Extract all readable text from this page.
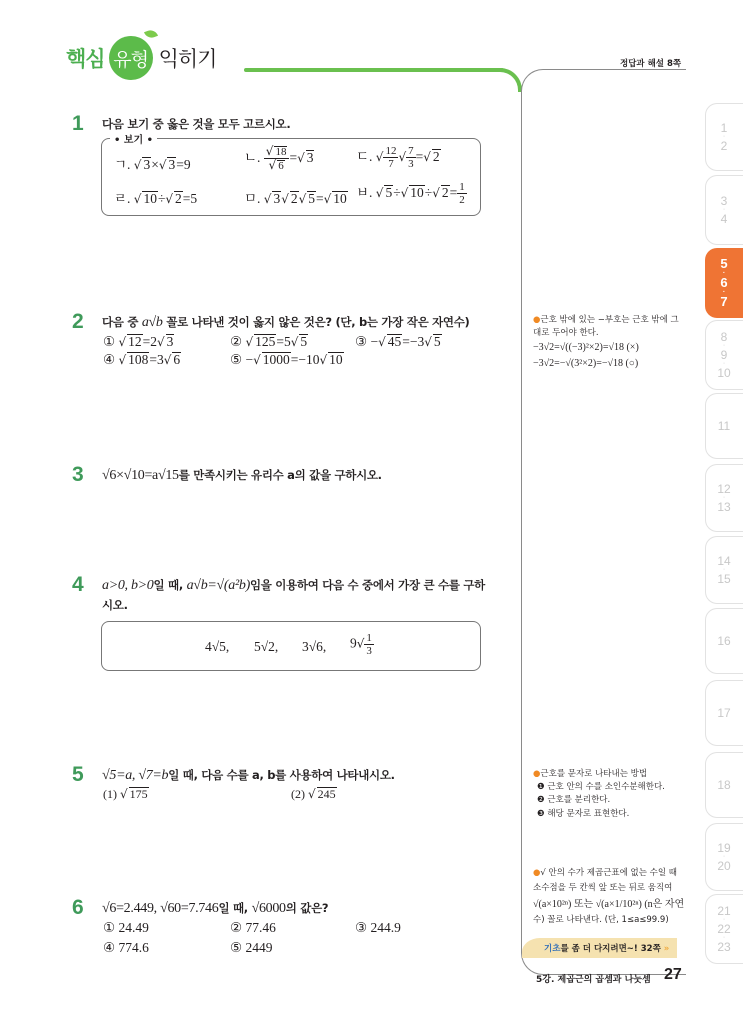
핵심 유형 익히기	정답과 해설 8쪽
1	다음 보기 중 옳은 것을 모두 고르시오.
• 보기 •
ㄱ. √ 3×√ 3=9	ㄴ. $\frac{√ 18}{√ 6}$ =√ 3	ㄷ. √ $\frac{12}{7}$ √ $\frac{7}{3}$ =√ 2
ㄹ. √ 10÷√ 2=5	ㅁ. √ 3√ 2√ 5=√ 10 ㅂ. √ 5÷√ 10÷√ $2= \frac{1}{2}$
2	다음 중 a√b 꼴로 나타낸 것이 옳지 않은 것은? (단, b는 가장 작은 자연수)
① √ 12=2√ 3	② √ 125=5√ 5	③ −√ 45=−3√ 5
④ √ 108=3√ 6	⑤ −√ 1000=−10√ 10
3	√6×√10=a√15를 만족시키는 유리수 a의 값을 구하시오.
4	a>0, b>0일 때, a√b=√(a²b)임을 이용하여 다음 수 중에서 가장 큰 수를 구하
시오.
4√5, 5√2, 3√6, $9√ \frac{1}{3}$
5	√5=a, √7=b일 때, 다음 수를 a, b를 사용하여 나타내시오.
(1) √ 175	(2) √ 245
6	√6=2.449, √60=7.746일 때, √6000의 값은?
① 24.49	② 77.46	③ 244.9
④ 774.6	⑤ 2449
●근호 밖에 있는 −부호는 근호 밖에 그
대로 두어야 한다.
−3√2=√((−3)²×2)=√18 (×)
−3√2=−√(3²×2)=−√18 (○)
●근호를 문자로 나타내는 방법
❶ 근호 안의 수를 소인수분해한다.
❷ 근호를 분리한다.
❸ 해당 문자로 표현한다.
●√ 안의 수가 제곱근표에 없는 수일 때
소수점을 두 칸씩 앞 또는 뒤로 움직여
√(a×10²ⁿ) 또는 √(a×1/10²ⁿ) (n은 자연
수) 꼴로 나타낸다. (단, 1≤a≤99.9)
기초를 좀 더 다지려면~! 32쪽 »
5강. 제곱근의 곱셈과 나눗셈 27
1
·
2
3
·
4
5
·
6
·
7
8
·
9
·
10
11
12
·
13
14
·
15
16
17
18
19
·
20
21
·
22
·
23
